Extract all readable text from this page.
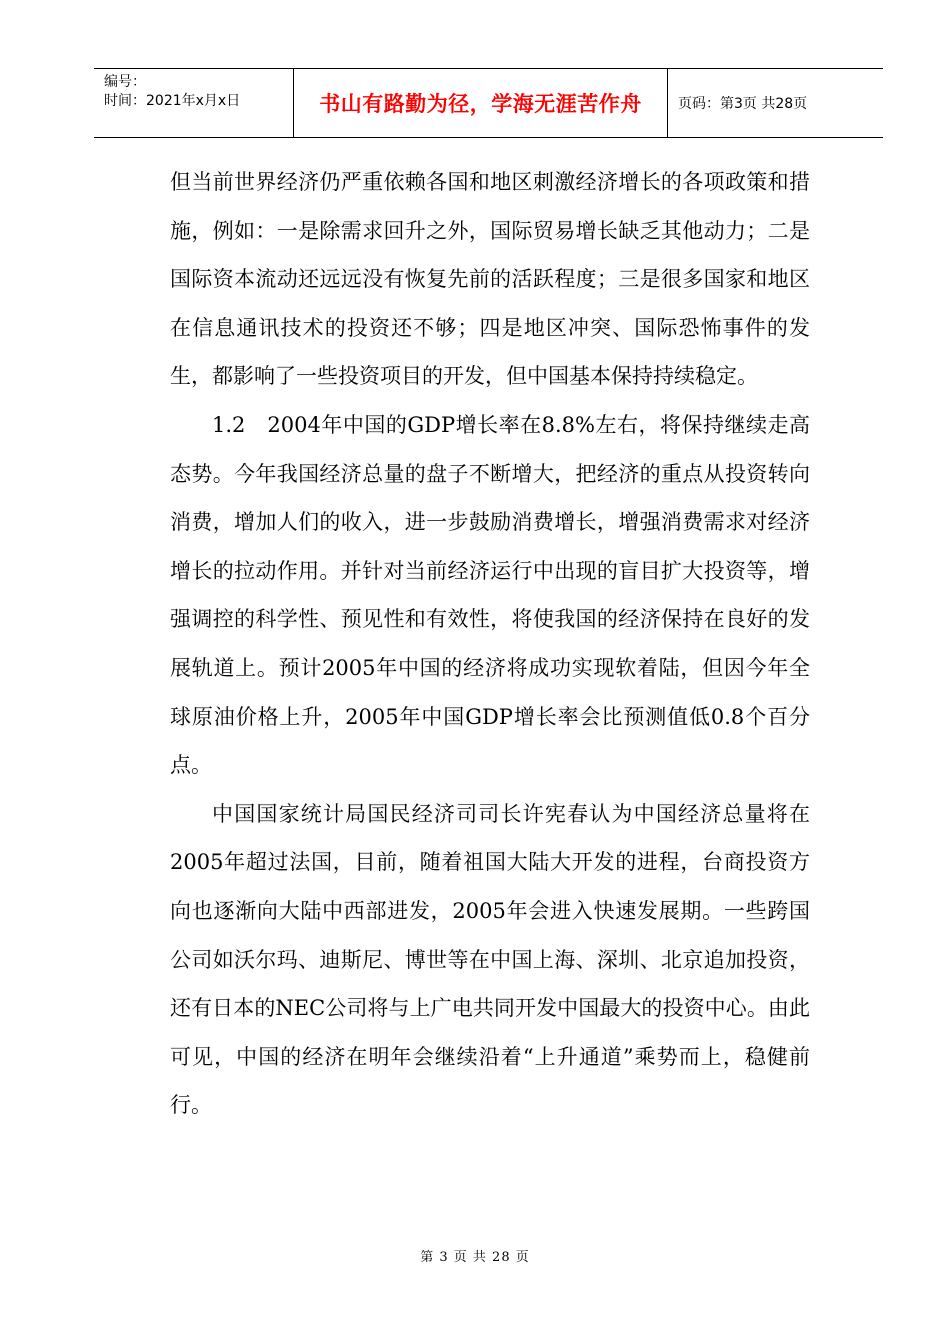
编号：
时间：2021年x月x日	书山有路勤为径，学海无涯苦作舟	页码：第3页 共28页

但当前世界经济仍严重依赖各国和地区刺激经济增长的各项政策和措施，例如：一是除需求回升之外，国际贸易增长缺乏其他动力；二是国际资本流动还远远没有恢复先前的活跃程度；三是很多国家和地区在信息通讯技术的投资还不够；四是地区冲突、国际恐怖事件的发生，都影响了一些投资项目的开发，但中国基本保持持续稳定。

1.2　2004年中国的GDP增长率在8.8%左右，将保持继续走高态势。今年我国经济总量的盘子不断增大，把经济的重点从投资转向消费，增加人们的收入，进一步鼓励消费增长，增强消费需求对经济增长的拉动作用。并针对当前经济运行中出现的盲目扩大投资等，增强调控的科学性、预见性和有效性，将使我国的经济保持在良好的发展轨道上。预计2005年中国的经济将成功实现软着陆，但因今年全球原油价格上升，2005年中国GDP增长率会比预测值低0.8个百分点。

中国国家统计局国民经济司司长许宪春认为中国经济总量将在2005年超过法国，目前，随着祖国大陆大开发的进程，台商投资方向也逐渐向大陆中西部进发，2005年会进入快速发展期。一些跨国公司如沃尔玛、迪斯尼、博世等在中国上海、深圳、北京追加投资，还有日本的NEC公司将与上广电共同开发中国最大的投资中心。由此可见，中国的经济在明年会继续沿着“上升通道”乘势而上，稳健前行。

第 3 页 共 28 页
